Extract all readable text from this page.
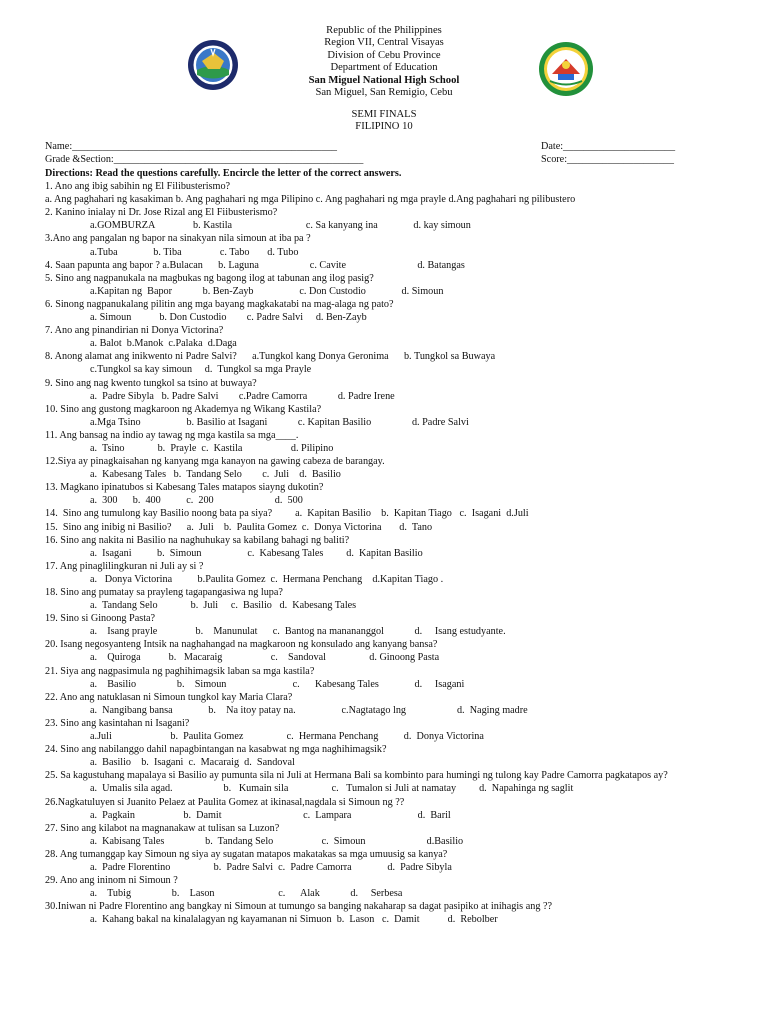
Republic of the Philippines
Region VII, Central Visayas
Division of Cebu Province
Department of Education
San Miguel National High School
San Miguel, San Remigio, Cebu
SEMI FINALS
FILIPINO 10
Name:____________________________________________________	Date:______________________
Grade &Section:_________________________________________________	Score:_____________________
Directions: Read the questions carefully. Encircle the letter of the correct answers.
1. Ano ang ibig sabihin ng El Filibusterismo?
a. Ang paghahari ng kasakiman b. Ang paghahari ng mga Pilipino c. Ang paghahari ng mga prayle d.Ang paghahari ng pilibustero
2. Kanino inialay ni Dr. Jose Rizal ang El Fiibusterismo?
a.GOMBURZA               b. Kastila                             c. Sa kanyang ina              d. kay simoun
3.Ano ang pangalan ng bapor na sinakyan nila simoun at iba pa ?
a.Tuba              b. Tiba               c. Tabo       d. Tubo
4. Saan papunta ang bapor ? a.Bulacan      b. Laguna                    c. Cavite                            d. Batangas
5. Sino ang nagpanukala na magbukas ng bagong ilog at tabunan ang ilog pasig?
a.Kapitan ng  Bapor            b. Ben-Zayb                  c. Don Custodio              d. Simoun
6. Sinong nagpanukalang pilitin ang mga bayang magkakatabi na mag-alaga ng pato?
a. Simoun           b. Don Custodio        c. Padre Salvi     d. Ben-Zayb
7. Ano ang pinandirian ni Donya Victorina?
a. Balot  b.Manok  c.Palaka  d.Daga
8. Anong alamat ang inikwento ni Padre Salvi?      a.Tungkol kang Donya Geronima      b. Tungkol sa Buwaya
c.Tungkol sa kay simoun     d.  Tungkol sa mga Prayle
9. Sino ang nag kwento tungkol sa tsino at buwaya?
a.  Padre Sibyla   b. Padre Salvi        c.Padre Camorra            d. Padre Irene
10. Sino ang gustong magkaroon ng Akademya ng Wikang Kastila?
a.Mga Tsino                  b. Basilio at Isagani            c. Kapitan Basilio                d. Padre Salvi
11. Ang bansag na indio ay tawag ng mga kastila sa mga____.
a.  Tsino             b.  Prayle  c.  Kastila                   d. Pilipino
12.Siya ay pinagkaisahan ng kanyang mga kanayon na gawing cabeza de barangay.
a.  Kabesang Tales   b.  Tandang Selo        c.  Juli    d.  Basilio
13. Magkano ipinatubos si Kabesang Tales matapos siayng dukotin?
a.  300      b.  400          c.  200                        d.  500
14.  Sino ang tumulong kay Basilio noong bata pa siya?         a.  Kapitan Basilio    b.  Kapitan Tiago   c.  Isagani  d.Juli
15.  Sino ang inibig ni Basilio?      a.  Juli    b.  Paulita Gomez  c.  Donya Victorina       d.  Tano
16. Sino ang nakita ni Basilio na naghuhukay sa kabilang bahagi ng baliti?
a.  Isagani          b.  Simoun                  c.  Kabesang Tales         d.  Kapitan Basilio
17. Ang pinaglilingkuran ni Juli ay si ?
a.   Donya Victorina          b.Paulita Gomez  c.  Hermana Penchang    d.Kapitan Tiago .
18. Sino ang pumatay sa prayleng tagapangasiwa ng lupa?
a.  Tandang Selo             b.  Juli     c.  Basilio   d.  Kabesang Tales
19. Sino si Ginoong Pasta?
a.    Isang prayle               b.    Manunulat      c.  Bantog na manananggol            d.     Isang estudyante.
20. Isang negosyanteng Intsik na naghahangad na magkaroon ng konsulado ang kanyang bansa?
a.    Quiroga           b.   Macaraig                   c.    Sandoval                 d. Ginoong Pasta
21. Siya ang nagpasimula ng paghihimagsik laban sa mga kastila?
a.    Basilio                b.    Simoun                          c.      Kabesang Tales              d.     Isagani
22. Ano ang natuklasan ni Simoun tungkol kay Maria Clara?
a.  Nangibang bansa              b.    Na itoy patay na.                  c.Nagtatago lng                    d.  Naging madre
23. Sino ang kasintahan ni Isagani?
a.Juli                       b.  Paulita Gomez                 c.  Hermana Penchang          d.  Donya Victorina
24. Sino ang nabilanggo dahil napagbintangan na kasabwat ng mga naghihimagsik?
a.  Basilio    b.  Isagani  c.  Macaraig  d.  Sandoval
25. Sa kagustuhang mapalaya si Basilio ay pumunta sila ni Juli at Hermana Bali sa kombinto para humingi ng tulong kay Padre Camorra pagkatapos ay?
a.  Umalis sila agad.                    b.   Kumain sila                 c.   Tumalon si Juli at namatay         d.  Napahinga ng saglit
26.Nagkatuluyen si Juanito Pelaez at Paulita Gomez at ikinasal,nagdala si Simoun ng ??
a.  Pagkain                   b.  Damit                                c.  Lampara                          d.  Baril
27. Sino ang kilabot na magnanakaw at tulisan sa Luzon?
a.  Kabisang Tales                b.  Tandang Selo                   c.  Simoun                        d.Basilio
28. Ang tumanggap kay Simoun ng siya ay sugatan matapos makatakas sa mga umuusig sa kanya?
a.  Padre Florentino                 b.  Padre Salvi  c.  Padre Camorra              d.  Padre Sibyla
29. Ano ang ininom ni Simoun ?
a.    Tubig                b.    Lason                         c.      Alak            d.     Serbesa
30.Iniwan ni Padre Florentino ang bangkay ni Simoun at tumungo sa banging nakaharap sa dagat pasipiko at inihagis ang ??
a.  Kahang bakal na kinalalagyan ng kayamanan ni Simuon  b.  Lason   c.  Damit           d.  Rebolber
